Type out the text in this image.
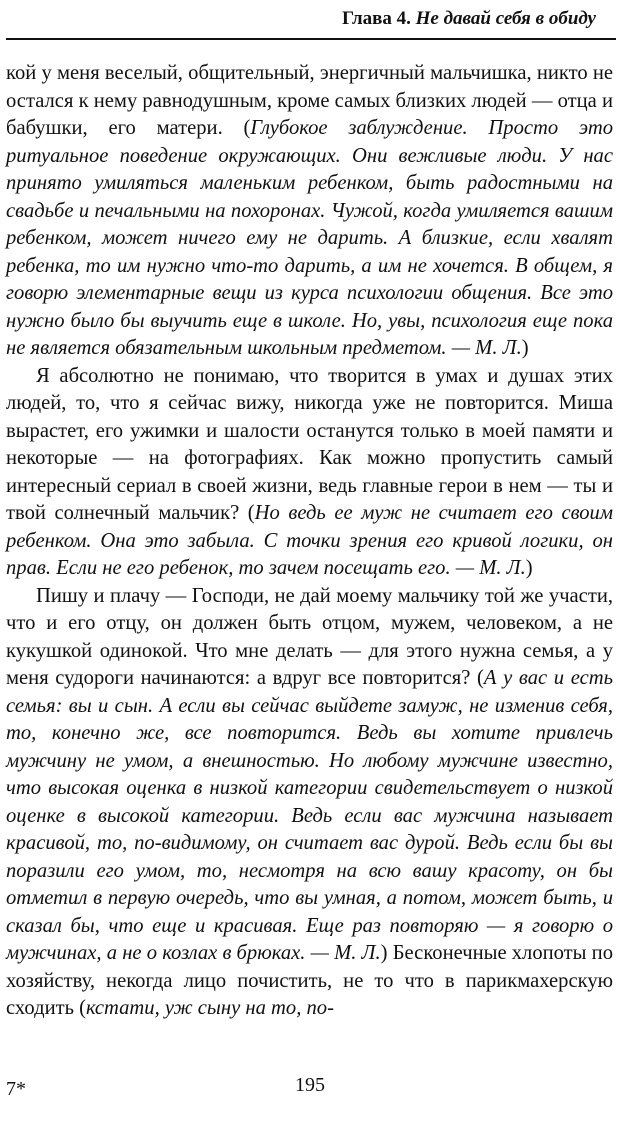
Глава 4. Не давай себя в обиду

кой у меня веселый, общительный, энергичный мальчишка, никто не остался к нему равнодушным, кроме самых близких людей — отца и бабушки, его матери. (Глубокое заблуждение. Просто это ритуальное поведение окружающих. Они вежливые люди. У нас принято умиляться маленьким ребенком, быть радостными на свадьбе и печальными на похоронах. Чужой, когда умиляется вашим ребенком, может ничего ему не дарить. А близкие, если хвалят ребенка, то им нужно что-то дарить, а им не хочется. В общем, я говорю элементарные вещи из курса психологии общения. Все это нужно было бы выучить еще в школе. Но, увы, психология еще пока не является обязательным школьным предметом. — М. Л.)

Я абсолютно не понимаю, что творится в умах и душах этих людей, то, что я сейчас вижу, никогда уже не повторится. Миша вырастет, его ужимки и шалости останутся только в моей памяти и некоторые — на фотографиях. Как можно пропустить самый интересный сериал в своей жизни, ведь главные герои в нем — ты и твой солнечный мальчик? (Но ведь ее муж не считает его своим ребенком. Она это забыла. С точки зрения его кривой логики, он прав. Если не его ребенок, то зачем посещать его. — М. Л.)

Пишу и плачу — Господи, не дай моему мальчику той же участи, что и его отцу, он должен быть отцом, мужем, человеком, а не кукушкой одинокой. Что мне делать — для этого нужна семья, а у меня судороги начинаются: а вдруг все повторится? (А у вас и есть семья: вы и сын. А если вы сейчас выйдете замуж, не изменив себя, то, конечно же, все повторится. Ведь вы хотите привлечь мужчину не умом, а внешностью. Но любому мужчине известно, что высокая оценка в низкой категории свидетельствует о низкой оценке в высокой категории. Ведь если вас мужчина называет красивой, то, по-видимому, он считает вас дурой. Ведь если бы вы поразили его умом, то, несмотря на всю вашу красоту, он бы отметил в первую очередь, что вы умная, а потом, может быть, и сказал бы, что еще и красивая. Еще раз повторяю — я говорю о мужчинах, а не о козлах в брюках. — М. Л.) Бесконечные хлопоты по хозяйству, некогда лицо почистить, не то что в парикмахерскую сходить (кстати, уж сыну на то, по-

7*	195
